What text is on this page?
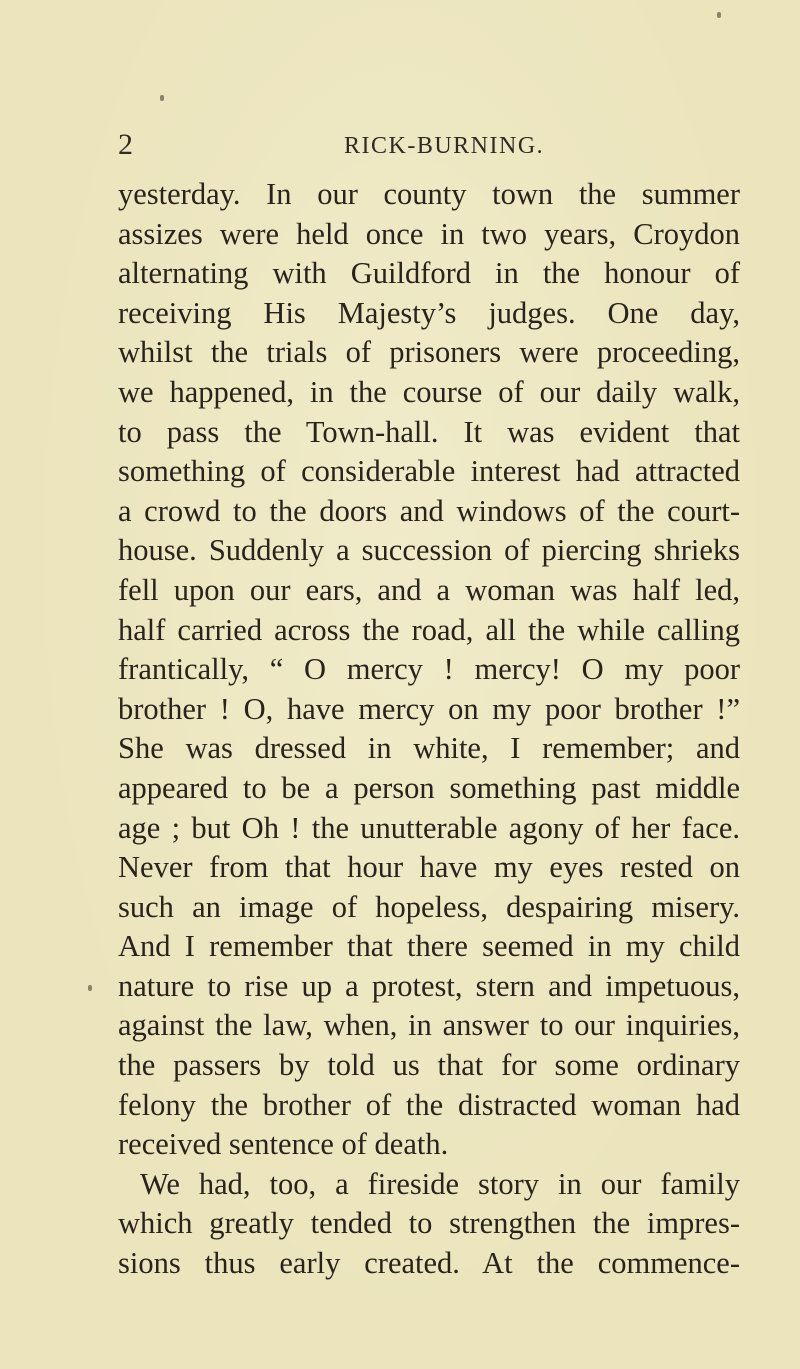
2	RICK-BURNING.
yesterday. In our county town the summer
assizes were held once in two years, Croydon
alternating with Guildford in the honour of
receiving His Majesty’s judges. One day,
whilst the trials of prisoners were proceeding,
we happened, in the course of our daily walk,
to pass the Town-hall. It was evident that
something of considerable interest had attracted
a crowd to the doors and windows of the court-
house. Suddenly a succession of piercing shrieks
fell upon our ears, and a woman was half led,
half carried across the road, all the while calling
frantically, “ O mercy ! mercy! O my poor
brother ! O, have mercy on my poor brother !”
She was dressed in white, I remember; and
appeared to be a person something past middle
age ; but Oh ! the unutterable agony of her face.
Never from that hour have my eyes rested on
such an image of hopeless, despairing misery.
And I remember that there seemed in my child
nature to rise up a protest, stern and impetuous,
against the law, when, in answer to our inquiries,
the passers by told us that for some ordinary
felony the brother of the distracted woman had
received sentence of death.
We had, too, a fireside story in our family
which greatly tended to strengthen the impres-
sions thus early created. At the commence-
